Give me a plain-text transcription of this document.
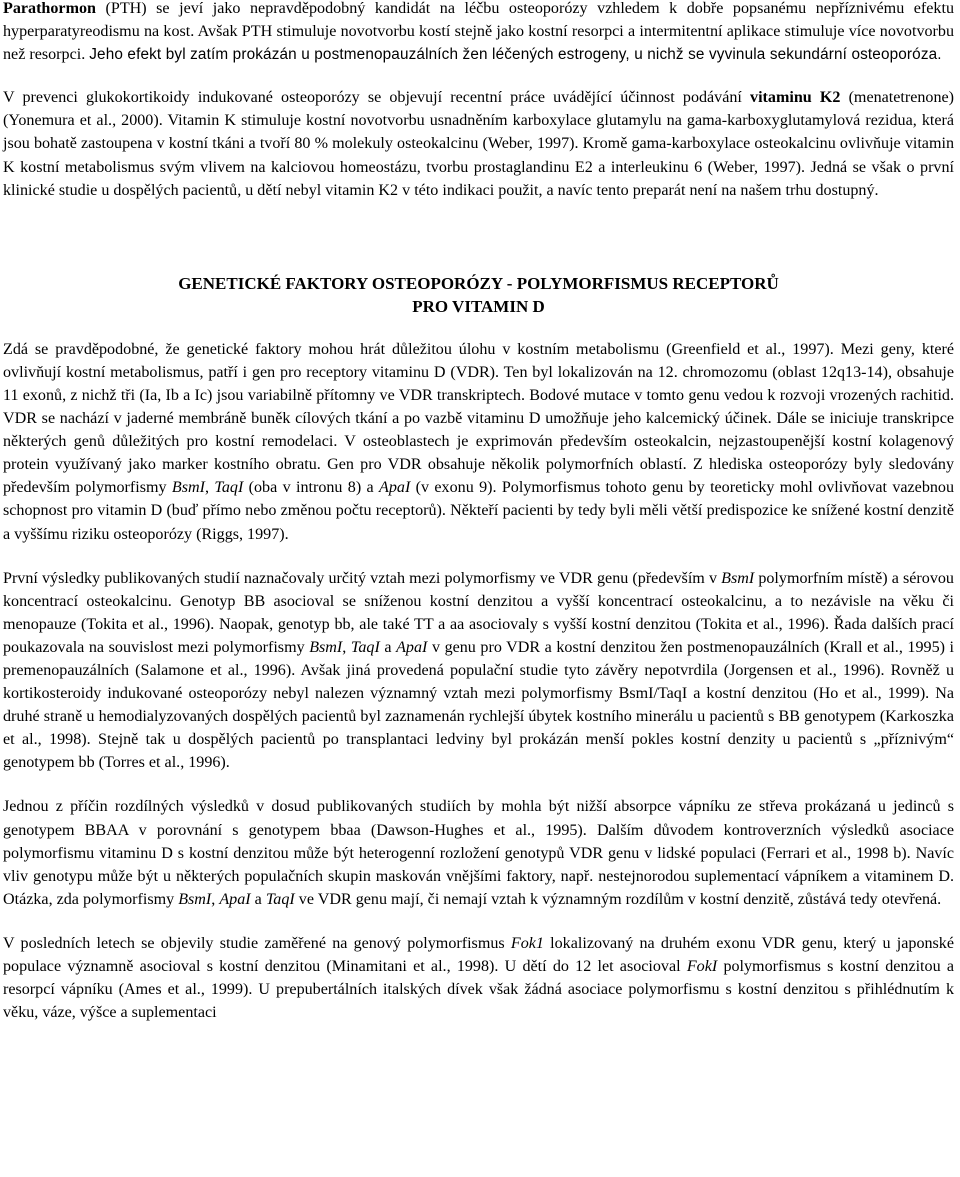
Parathormon (PTH) se jeví jako nepravděpodobný kandidát na léčbu osteoporózy vzhledem k dobře popsanému nepříznivému efektu hyperparatyreodismu na kost. Avšak PTH stimuluje novotvorbu kostí stejně jako kostní resorpci a intermitentní aplikace stimuluje více novotvorbu než resorpci. Jeho efekt byl zatím prokázán u postmenopauzálních žen léčených estrogeny, u nichž se vyvinula sekundární osteoporóza.

V prevenci glukokortikoidy indukované osteoporózy se objevují recentní práce uvádějící účinnost podávání vitaminu K2 (menatetrenone) (Yonemura et al., 2000). Vitamin K stimuluje kostní novotvorbu usnadněním karboxylace glutamylu na gama-karboxyglutamylová rezidua, která jsou bohatě zastoupena v kostní tkáni a tvoří 80 % molekuly osteokalcinu (Weber, 1997). Kromě gama-karboxylace osteokalcinu ovlivňuje vitamin K kostní metabolismus svým vlivem na kalciovou homeostázu, tvorbu prostaglandinu E2 a interleukinu 6 (Weber, 1997). Jedná se však o první klinické studie u dospělých pacientů, u dětí nebyl vitamin K2 v této indikaci použit, a navíc tento preparát není na našem trhu dostupný.

GENETICKÉ FAKTORY OSTEOPORÓZY - POLYMORFISMUS RECEPTORŮ
PRO VITAMIN D

Zdá se pravděpodobné, že genetické faktory mohou hrát důležitou úlohu v kostním metabolismu (Greenfield et al., 1997). Mezi geny, které ovlivňují kostní metabolismus, patří i gen pro receptory vitaminu D (VDR). Ten byl lokalizován na 12. chromozomu (oblast 12q13-14), obsahuje 11 exonů, z nichž tři (Ia, Ib a Ic) jsou variabilně přítomny ve VDR transkriptech. Bodové mutace v tomto genu vedou k rozvoji vrozených rachitid. VDR se nachází v jaderné membráně buněk cílových tkání a po vazbě vitaminu D umožňuje jeho kalcemický účinek. Dále se iniciuje transkripce některých genů důležitých pro kostní remodelaci. V osteoblastech je exprimován především osteokalcin, nejzastoupenější kostní kolagenový protein využívaný jako marker kostního obratu. Gen pro VDR obsahuje několik polymorfních oblastí. Z hlediska osteoporózy byly sledovány především polymorfismy BsmI, TaqI (oba v intronu 8) a ApaI (v exonu 9). Polymorfismus tohoto genu by teoreticky mohl ovlivňovat vazebnou schopnost pro vitamin D (buď přímo nebo změnou počtu receptorů). Někteří pacienti by tedy byli měli větší predispozice ke snížené kostní denzitě a vyššímu riziku osteoporózy (Riggs, 1997).

První výsledky publikovaných studií naznačovaly určitý vztah mezi polymorfismy ve VDR genu (především v BsmI polymorfním místě) a sérovou koncentrací osteokalcinu. Genotyp BB asocioval se sníženou kostní denzitou a vyšší koncentrací osteokalcinu, a to nezávisle na věku či menopauze (Tokita et al., 1996). Naopak, genotyp bb, ale také TT a aa asociovaly s vyšší kostní denzitou (Tokita et al., 1996). Řada dalších prací poukazovala na souvislost mezi polymorfismy BsmI, TaqI a ApaI v genu pro VDR a kostní denzitou žen postmenopauzálních (Krall et al., 1995) i premenopauzálních (Salamone et al., 1996). Avšak jiná provedená populační studie tyto závěry nepotvrdila (Jorgensen et al., 1996). Rovněž u kortikosteroidy indukované osteoporózy nebyl nalezen významný vztah mezi polymorfismy BsmI/TaqI a kostní denzitou (Ho et al., 1999). Na druhé straně u hemodialyzovaných dospělých pacientů byl zaznamenán rychlejší úbytek kostního minerálu u pacientů s BB genotypem (Karkoszka et al., 1998). Stejně tak u dospělých pacientů po transplantaci ledviny byl prokázán menší pokles kostní denzity u pacientů s „příznivým“ genotypem bb (Torres et al., 1996).

Jednou z příčin rozdílných výsledků v dosud publikovaných studiích by mohla být nižší absorpce vápníku ze střeva prokázaná u jedinců s genotypem BBAA v porovnání s genotypem bbaa (Dawson-Hughes et al., 1995). Dalším důvodem kontroverzních výsledků asociace polymorfismu vitaminu D s kostní denzitou může být heterogenní rozložení genotypů VDR genu v lidské populaci (Ferrari et al., 1998 b). Navíc vliv genotypu může být u některých populačních skupin maskován vnějšími faktory, např. nestejnorodou suplementací vápníkem a vitaminem D. Otázka, zda polymorfismy BsmI, ApaI a TaqI ve VDR genu mají, či nemají vztah k významným rozdílům v kostní denzitě, zůstává tedy otevřená.

V posledních letech se objevily studie zaměřené na genový polymorfismus Fok1 lokalizovaný na druhém exonu VDR genu, který u japonské populace významně asocioval s kostní denzitou (Minamitani et al., 1998). U dětí do 12 let asocioval FokI polymorfismus s kostní denzitou a resorpcí vápníku (Ames et al., 1999). U prepubertálních italských dívek však žádná asociace polymorfismu s kostní denzitou s přihlédnutím k věku, váze, výšce a suplementaci
